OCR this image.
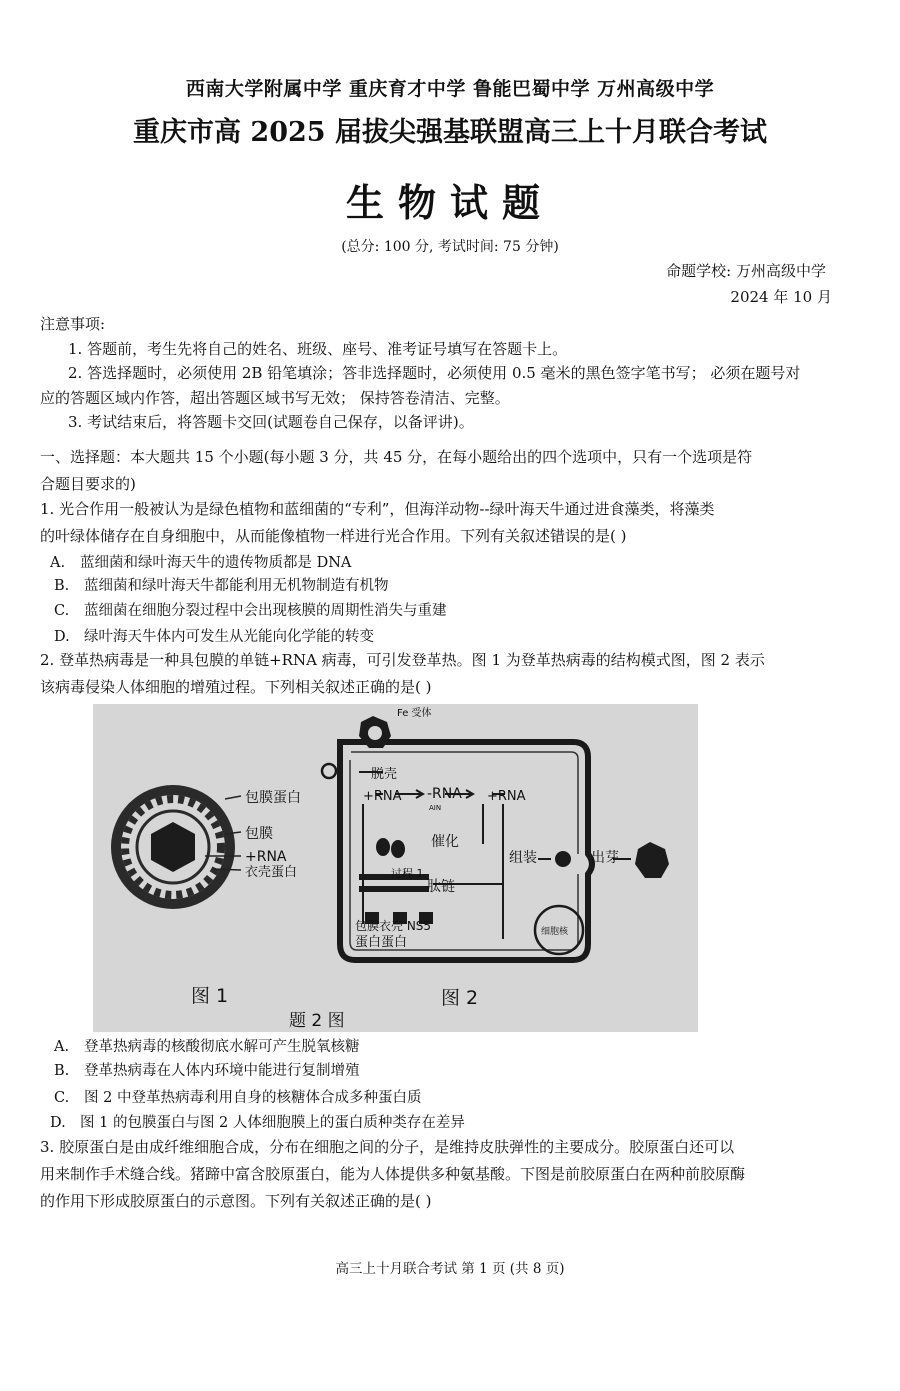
西南大学附属中学 重庆育才中学 鲁能巴蜀中学 万州高级中学
重庆市高 2025 届拔尖强基联盟高三上十月联合考试
生物试题
(总分: 100 分, 考试时间: 75 分钟)
命题学校: 万州高级中学
2024 年 10 月

注意事项:

1. 答题前，考生先将自己的姓名、班级、座号、准考证号填写在答题卡上。

2. 答选择题时，必须使用 2B 铅笔填涂；答非选择题时，必须使用 0.5 毫米的黑色签字笔书写； 必须在题号对

应的答题区域内作答，超出答题区域书写无效； 保持答卷清洁、完整。

3. 考试结束后，将答题卡交回(试题卷自己保存，以备评讲)。

一、选择题：本大题共 15 个小题(每小题 3 分，共 45 分，在每小题给出的四个选项中，只有一个选项是符

合题目要求的)

1. 光合作用一般被认为是绿色植物和蓝细菌的“专利”，但海洋动物--绿叶海天牛通过进食藻类，将藻类

的叶绿体储存在自身细胞中，从而能像植物一样进行光合作用。下列有关叙述错误的是( )

A. 蓝细菌和绿叶海天牛的遗传物质都是 DNA
B. 蓝细菌和绿叶海天牛都能利用无机物制造有机物
C. 蓝细菌在细胞分裂过程中会出现核膜的周期性消失与重建
D. 绿叶海天牛体内可发生从光能向化学能的转变

2. 登革热病毒是一种具包膜的单链+RNA 病毒，可引发登革热。图 1 为登革热病毒的结构模式图，图 2 表示

该病毒侵染人体细胞的增殖过程。下列相关叙述正确的是( )

包膜蛋白
包膜
+RNA
衣壳蛋白
Fe 受体
脱壳
+RNA -RNA +RNA
AIN
催化
组装	出芽
过程 1
肽链
包膜衣壳 NS5
蛋白蛋白
细胞核
图 1	图 2
题 2 图
A. 登革热病毒的核酸彻底水解可产生脱氧核糖
B. 登革热病毒在人体内环境中能进行复制增殖
C. 图 2 中登革热病毒利用自身的核糖体合成多种蛋白质
D. 图 1 的包膜蛋白与图 2 人体细胞膜上的蛋白质种类存在差异

3. 胶原蛋白是由成纤维细胞合成，分布在细胞之间的分子，是维持皮肤弹性的主要成分。胶原蛋白还可以

用来制作手术缝合线。猪蹄中富含胶原蛋白，能为人体提供多种氨基酸。下图是前胶原蛋白在两种前胶原酶

的作用下形成胶原蛋白的示意图。下列有关叙述正确的是( )

高三上十月联合考试 第 1 页 (共 8 页)
